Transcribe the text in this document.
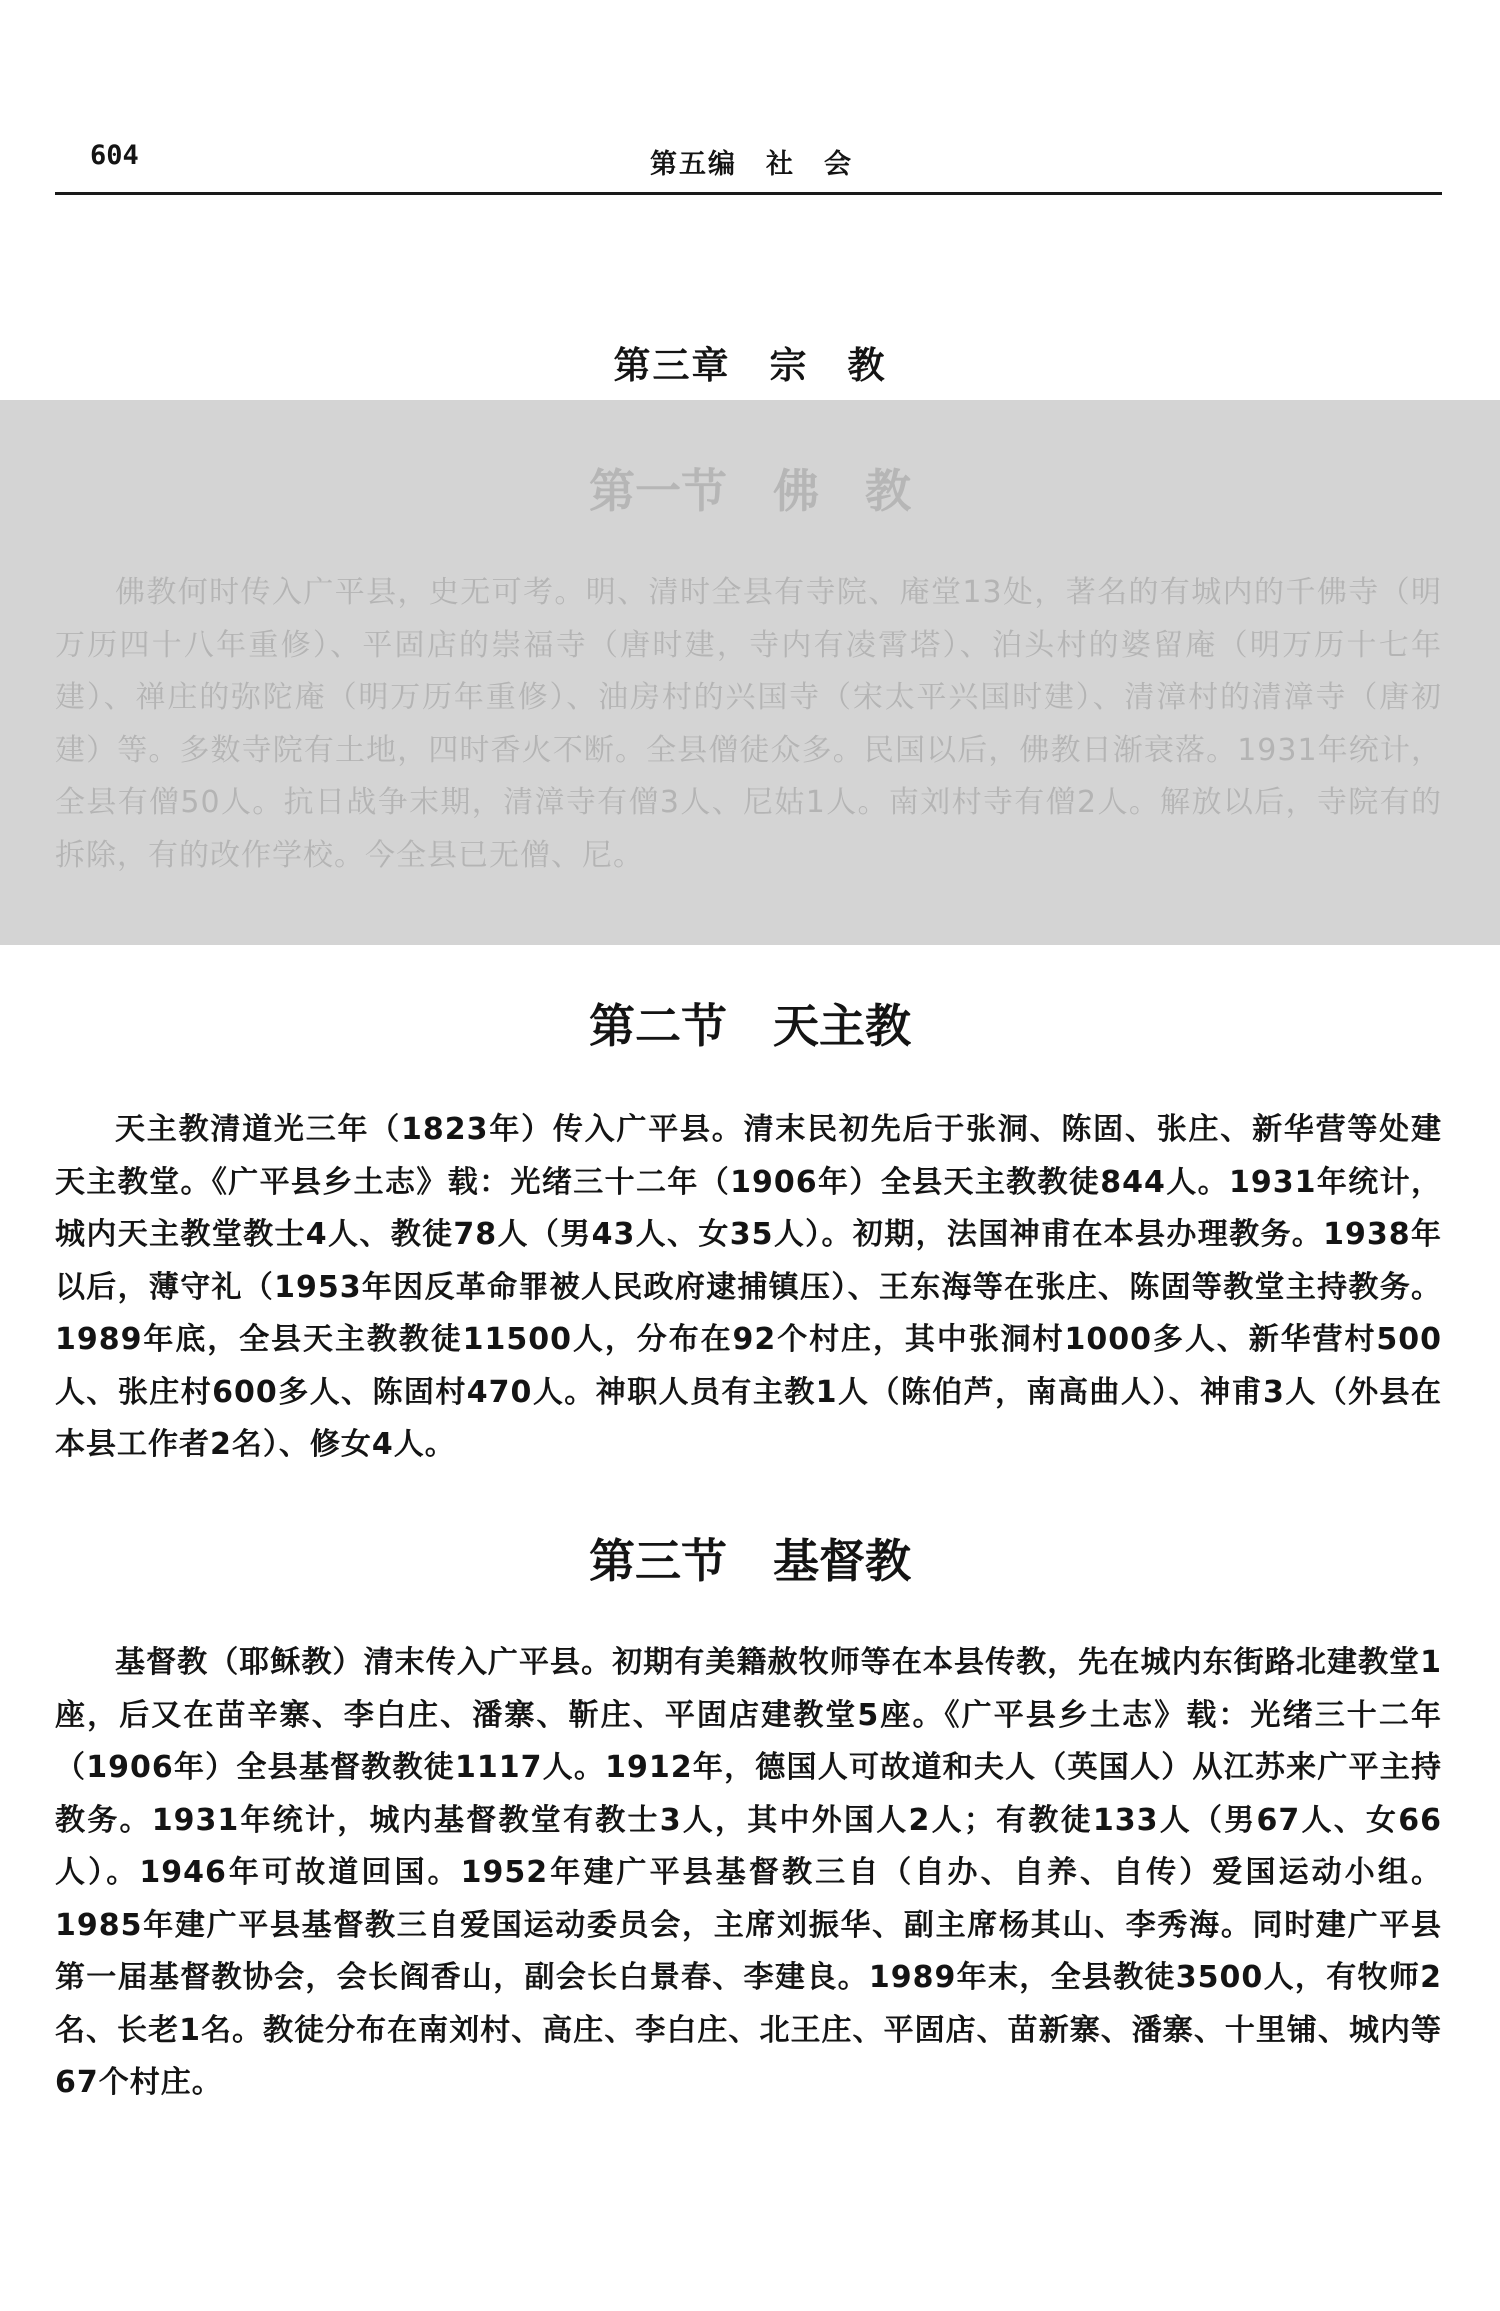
604	第五编　社　会
第三章　宗　教
第一节　佛　教
佛教何时传入广平县，史无可考。明、清时全县有寺院、庵堂13处，著名的有城内的千佛寺（明万历四十八年重修）、平固店的崇福寺（唐时建，寺内有凌霄塔）、泊头村的婆留庵（明万历十七年建）、禅庄的弥陀庵（明万历年重修）、油房村的兴国寺（宋太平兴国时建）、清漳村的清漳寺（唐初建）等。多数寺院有土地，四时香火不断。全县僧徒众多。民国以后，佛教日渐衰落。1931年统计，全县有僧50人。抗日战争末期，清漳寺有僧3人、尼姑1人。南刘村寺有僧2人。解放以后，寺院有的拆除，有的改作学校。今全县已无僧、尼。
第二节　天主教
天主教清道光三年（1823年）传入广平县。清末民初先后于张洞、陈固、张庄、新华营等处建天主教堂。《广平县乡土志》载：光绪三十二年（1906年）全县天主教教徒844人。1931年统计，城内天主教堂教士4人、教徒78人（男43人、女35人）。初期，法国神甫在本县办理教务。1938年以后，薄守礼（1953年因反革命罪被人民政府逮捕镇压）、王东海等在张庄、陈固等教堂主持教务。1989年底，全县天主教教徒11500人，分布在92个村庄，其中张洞村1000多人、新华营村500人、张庄村600多人、陈固村470人。神职人员有主教1人（陈伯芦，南高曲人）、神甫3人（外县在本县工作者2名）、修女4人。
第三节　基督教
基督教（耶稣教）清末传入广平县。初期有美籍赦牧师等在本县传教，先在城内东街路北建教堂1座，后又在苗辛寨、李白庄、潘寨、靳庄、平固店建教堂5座。《广平县乡土志》载：光绪三十二年（1906年）全县基督教教徒1117人。1912年，德国人可故道和夫人（英国人）从江苏来广平主持教务。1931年统计，城内基督教堂有教士3人，其中外国人2人；有教徒133人（男67人、女66人）。1946年可故道回国。1952年建广平县基督教三自（自办、自养、自传）爱国运动小组。1985年建广平县基督教三自爱国运动委员会，主席刘振华、副主席杨其山、李秀海。同时建广平县第一届基督教协会，会长阎香山，副会长白景春、李建良。1989年末，全县教徒3500人，有牧师2名、长老1名。教徒分布在南刘村、高庄、李白庄、北王庄、平固店、苗新寨、潘寨、十里铺、城内等67个村庄。
